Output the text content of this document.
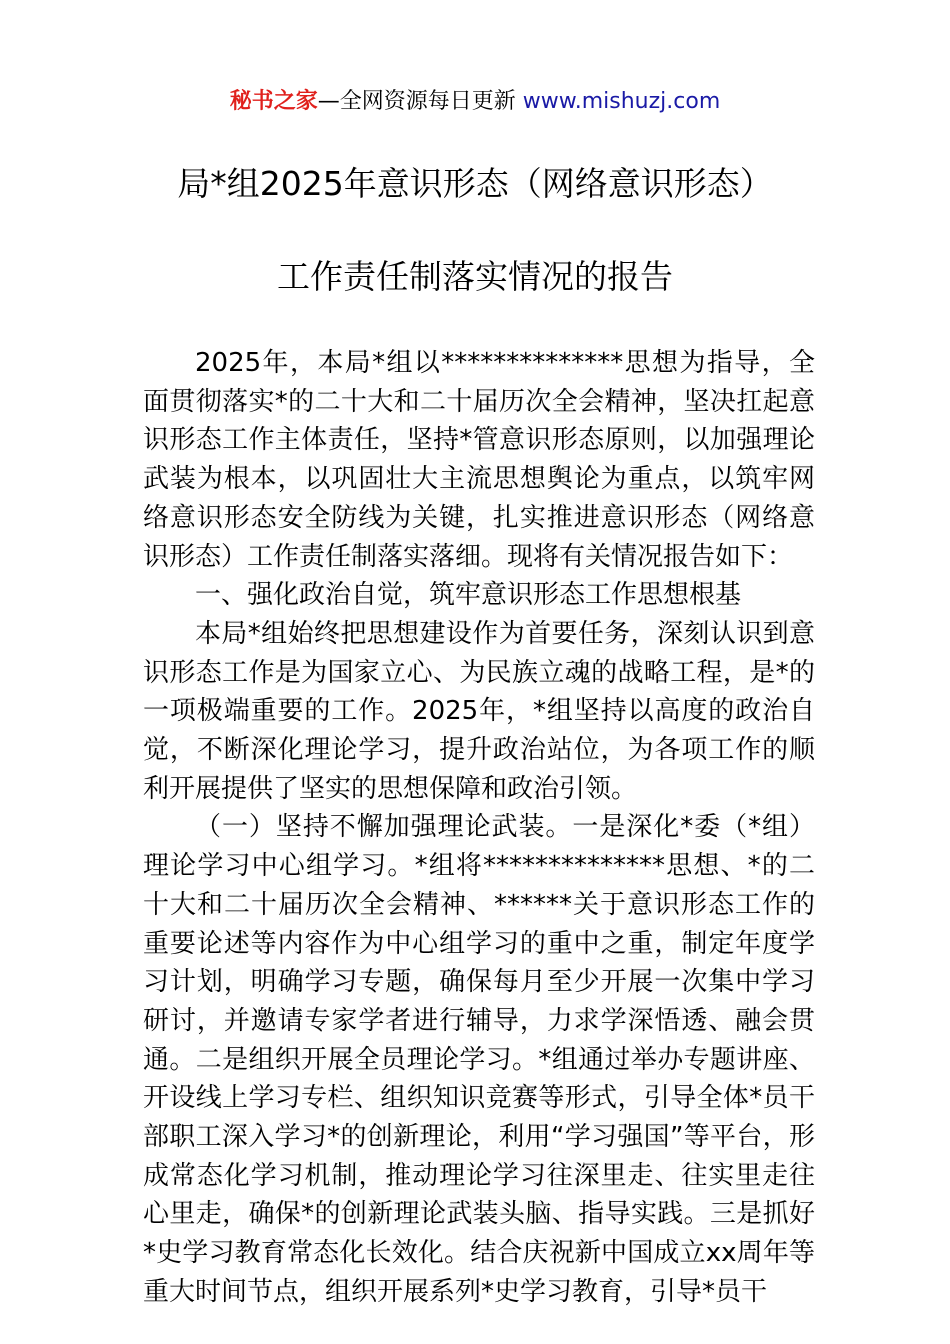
秘书之家—全网资源每日更新 www.mishuzj.com
局*组2025年意识形态（网络意识形态）
工作责任制落实情况的报告

2025年，本局*组以**************思想为指导，全面贯彻落实*的二十大和二十届历次全会精神，坚决扛起意识形态工作主体责任，坚持*管意识形态原则，以加强理论武装为根本，以巩固壮大主流思想舆论为重点，以筑牢网络意识形态安全防线为关键，扎实推进意识形态（网络意识形态）工作责任制落实落细。现将有关情况报告如下：

一、强化政治自觉，筑牢意识形态工作思想根基

本局*组始终把思想建设作为首要任务，深刻认识到意识形态工作是为国家立心、为民族立魂的战略工程，是*的一项极端重要的工作。2025年，*组坚持以高度的政治自觉，不断深化理论学习，提升政治站位，为各项工作的顺利开展提供了坚实的思想保障和政治引领。

（一）坚持不懈加强理论武装。一是深化*委（*组）理论学习中心组学习。*组将**************思想、*的二十大和二十届历次全会精神、******关于意识形态工作的重要论述等内容作为中心组学习的重中之重，制定年度学习计划，明确学习专题，确保每月至少开展一次集中学习研讨，并邀请专家学者进行辅导，力求学深悟透、融会贯通。二是组织开展全员理论学习。*组通过举办专题讲座、开设线上学习专栏、组织知识竞赛等形式，引导全体*员干部职工深入学习*的创新理论，利用“学习强国”等平台，形成常态化学习机制，推动理论学习往深里走、往实里走往心里走，确保*的创新理论武装头脑、指导实践。三是抓好*史学习教育常态化长效化。结合庆祝新中国成立xx周年等重大时间节点，组织开展系列*史学习教育，引导*员干
